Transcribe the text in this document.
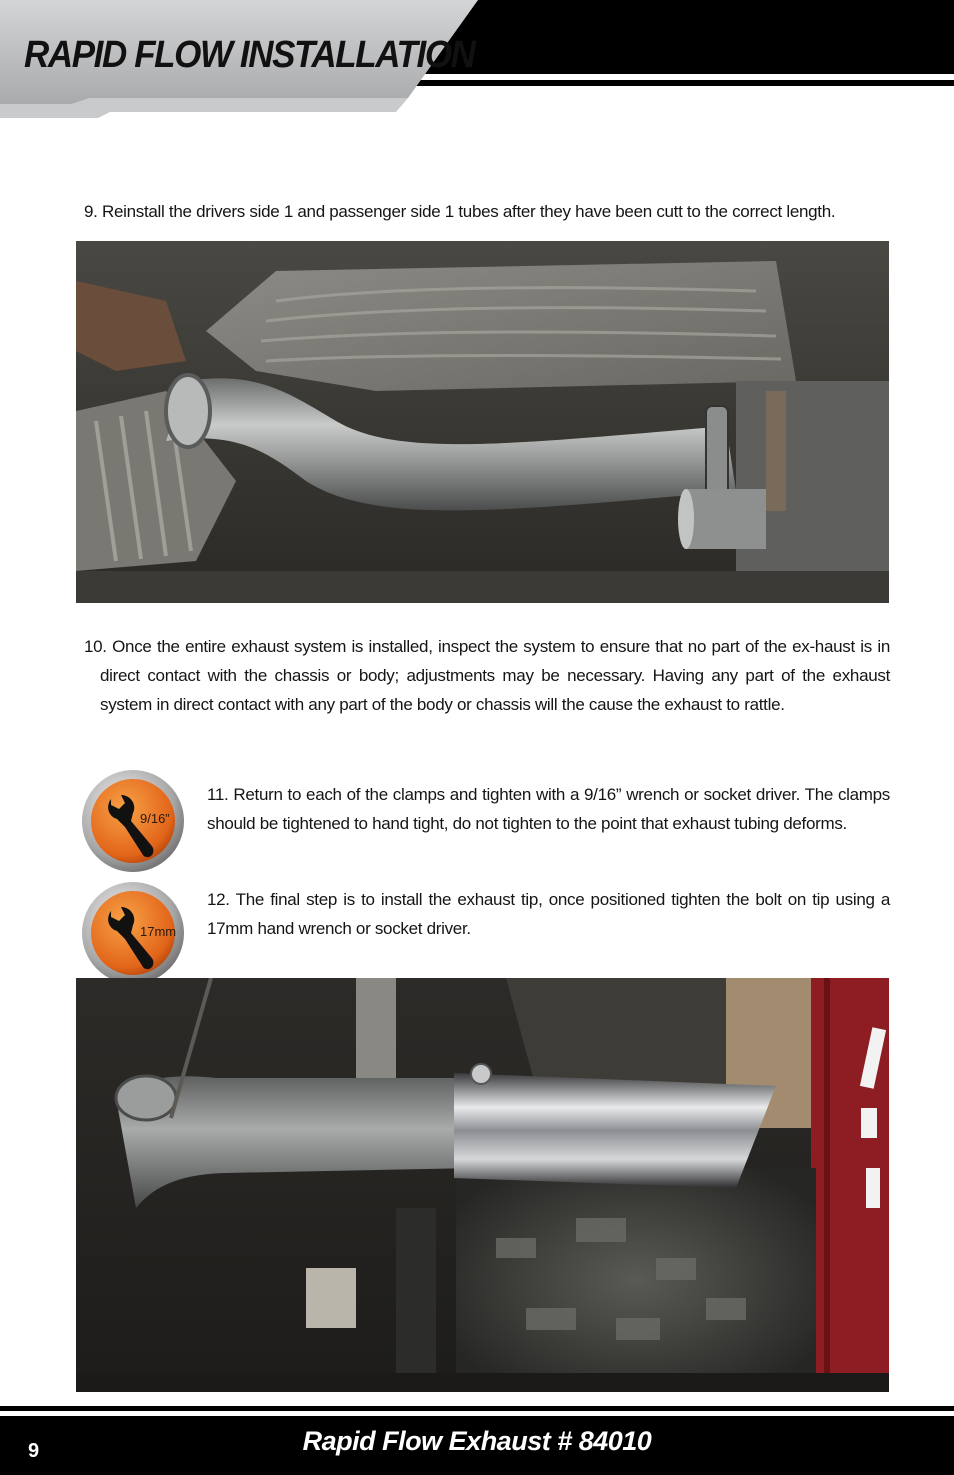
RAPID FLOW INSTALLATION

9. Reinstall the drivers side 1 and passenger side 1 tubes after they have been cutt to the correct length.

10. Once the entire exhaust system is installed, inspect the system to ensure that no part of the ex-haust is in direct contact with the chassis or body; adjustments may be necessary. Having any part of the exhaust system in direct contact with any part of the body or chassis will the cause the exhaust to rattle.

9/16”

11. Return to each of the clamps and tighten with a 9/16” wrench or socket driver. The clamps should be tightened to hand tight, do not tighten to the point that exhaust tubing deforms.

17mm

12. The final step is to install the exhaust tip, once positioned tighten the bolt on tip using a 17mm hand wrench or socket driver.

Rapid Flow Exhaust # 84010
9
